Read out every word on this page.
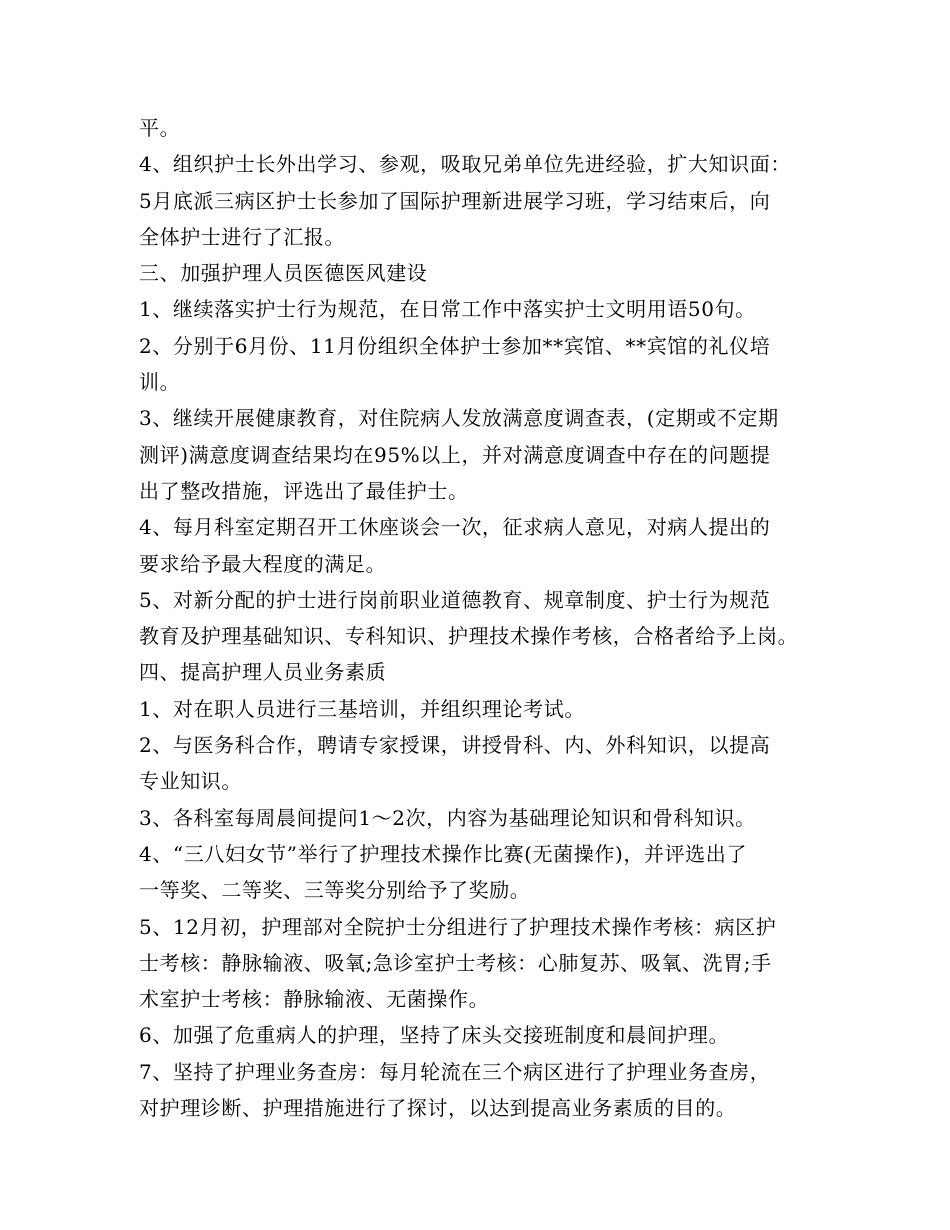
平。
4、组织护士长外出学习、参观，吸取兄弟单位先进经验，扩大知识面：
5月底派三病区护士长参加了国际护理新进展学习班，学习结束后，向
全体护士进行了汇报。
三、加强护理人员医德医风建设
1、继续落实护士行为规范，在日常工作中落实护士文明用语50句。
2、分别于6月份、11月份组织全体护士参加**宾馆、**宾馆的礼仪培
训。
3、继续开展健康教育，对住院病人发放满意度调查表，(定期或不定期
测评)满意度调查结果均在95%以上，并对满意度调查中存在的问题提
出了整改措施，评选出了最佳护士。
4、每月科室定期召开工休座谈会一次，征求病人意见，对病人提出的
要求给予最大程度的满足。
5、对新分配的护士进行岗前职业道德教育、规章制度、护士行为规范
教育及护理基础知识、专科知识、护理技术操作考核，合格者给予上岗。
四、提高护理人员业务素质
1、对在职人员进行三基培训，并组织理论考试。
2、与医务科合作，聘请专家授课，讲授骨科、内、外科知识，以提高
专业知识。
3、各科室每周晨间提问1～2次，内容为基础理论知识和骨科知识。
4、“三八妇女节”举行了护理技术操作比赛(无菌操作)，并评选出了
一等奖、二等奖、三等奖分别给予了奖励。
5、12月初，护理部对全院护士分组进行了护理技术操作考核：病区护
士考核：静脉输液、吸氧;急诊室护士考核：心肺复苏、吸氧、洗胃;手
术室护士考核：静脉输液、无菌操作。
6、加强了危重病人的护理，坚持了床头交接班制度和晨间护理。
7、坚持了护理业务查房：每月轮流在三个病区进行了护理业务查房，
对护理诊断、护理措施进行了探讨，以达到提高业务素质的目的。
